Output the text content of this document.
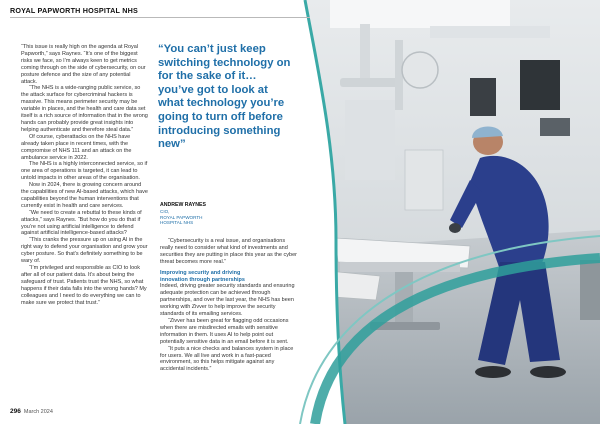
ROYAL PAPWORTH HOSPITAL NHS

“This issue is really high on the agenda at Royal Papworth,” says Raynes. “It’s one of the biggest risks we face, so I’m always keen to get metrics coming through on the side of cybersecurity, on our posture defence and the size of any potential attack.

“The NHS is a wide-ranging public service, so the attack surface for cybercriminal hackers is massive. This means perimeter security may be variable in places, and the health and care data set itself is a rich source of information that in the wrong hands can probably provide great insights into helping authenticate and therefore steal data.”

Of course, cyberattacks on the NHS have already taken place in recent times, with the compromise of NHS 111 and an attack on the ambulance service in 2022.

The NHS is a highly interconnected service, so if one area of operations is targeted, it can lead to untold impacts in other areas of the organisation.

Now in 2024, there is growing concern around the capabilities of new AI-based attacks, which have capabilities beyond the human interventions that currently exist in health and care services.

“We need to create a rebuttal to these kinds of attacks,” says Raynes. “But how do you do that if you’re not using artificial intelligence to defend against artificial intelligence-based attacks?

“This cranks the pressure up on using AI in the right way to defend your organisation and grow your cyber posture. So that’s definitely something to be wary of.

“I’m privileged and responsible as CIO to look after all of our patient data. It’s about being the safeguard of trust. Patients trust the NHS, so what happens if their data falls into the wrong hands? My colleagues and I need to do everything we can to make sure we protect that trust.”

“You can’t just keep switching technology on for the sake of it… you’ve got to look at what technology you’re going to turn off before introducing something new”
ANDREW RAYNES
CIO,
ROYAL PAPWORTH
HOSPITAL NHS

“Cybersecurity is a real issue, and organisations really need to consider what kind of investments and securities they are putting in place this year as the cyber threat becomes more real.”

Improving security and driving
innovation through partnerships

Indeed, driving greater security standards and ensuring adequate protection can be achieved through partnerships, and over the last year, the NHS has been working with Zivver to help improve the security standards of its emailing services.

“Zivver has been great for flagging odd occasions when there are misdirected emails with sensitive information in them. It uses AI to help point out potentially sensitive data in an email before it is sent.

“It puts a nice checks and balances system in place for users. We all live and work in a fast-paced environment, so this helps mitigate against any accidental incidents.”

296 March 2024
